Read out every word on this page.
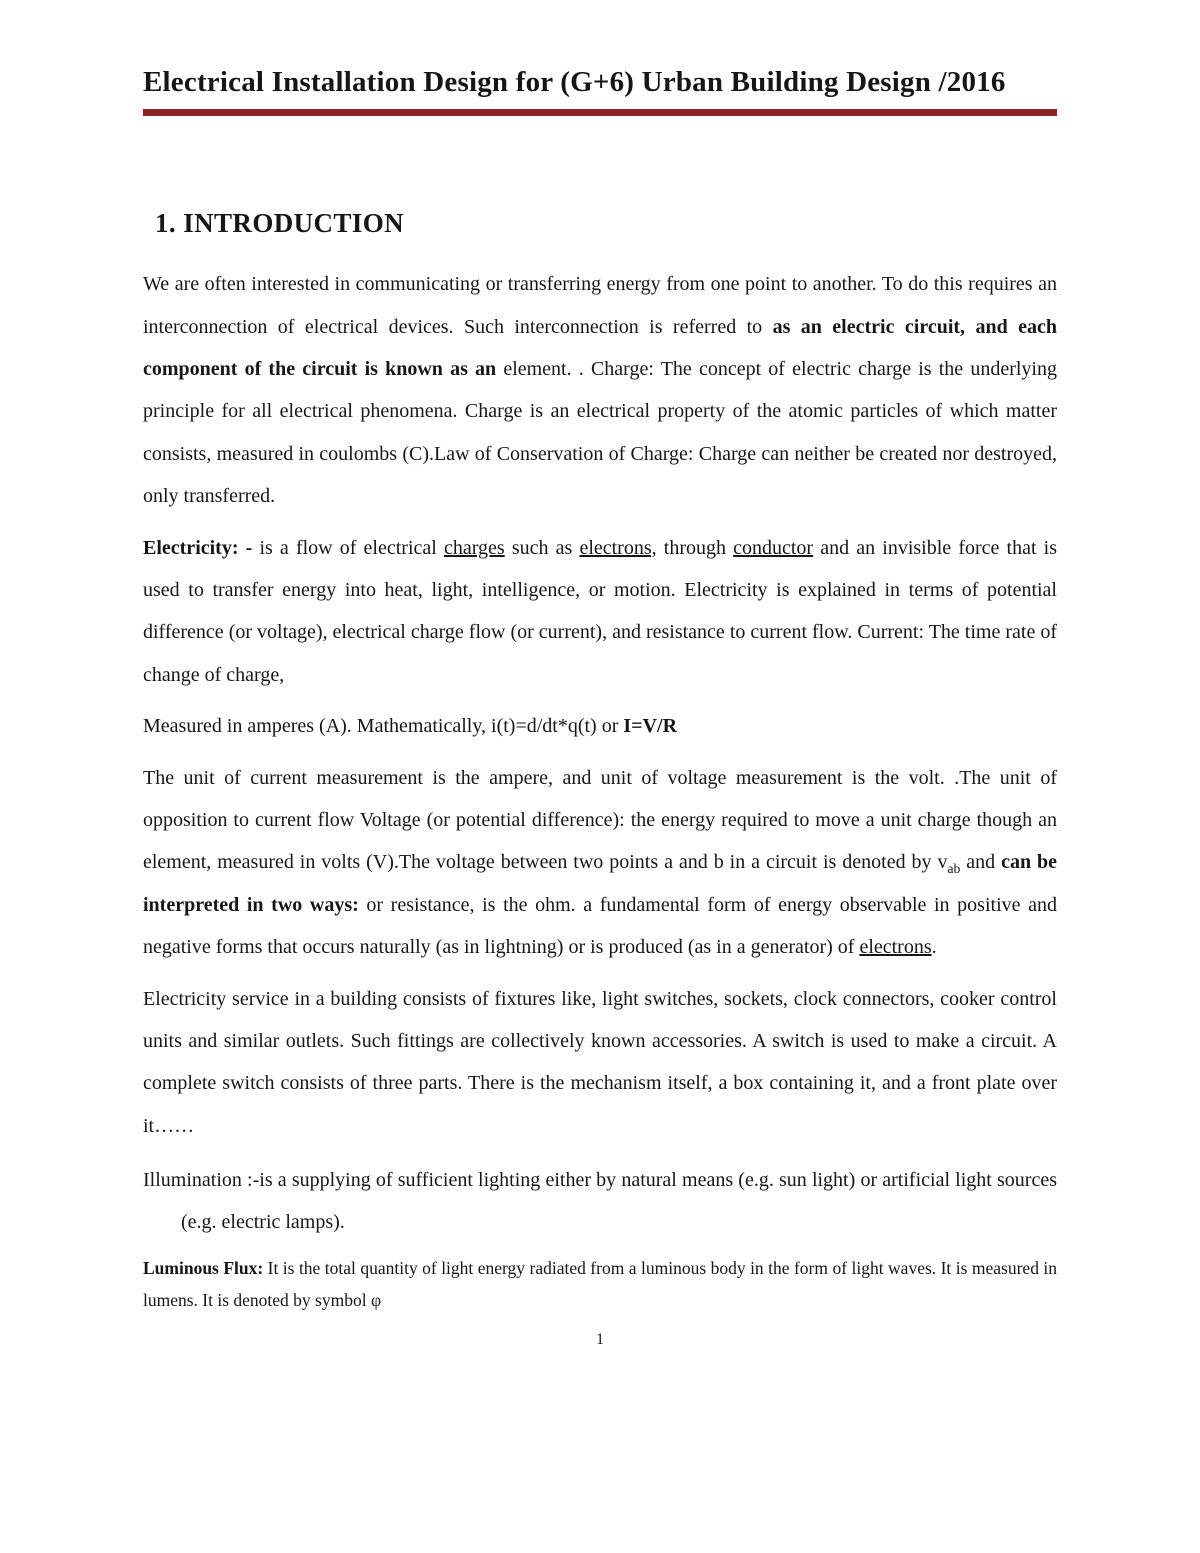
Electrical Installation Design for (G+6) Urban Building Design /2016
1. INTRODUCTION

We are often interested in communicating or transferring energy from one point to another. To do this requires an interconnection of electrical devices. Such interconnection is referred to as an electric circuit, and each component of the circuit is known as an element. . Charge: The concept of electric charge is the underlying principle for all electrical phenomena. Charge is an electrical property of the atomic particles of which matter consists, measured in coulombs (C).Law of Conservation of Charge: Charge can neither be created nor destroyed, only transferred.

Electricity: - is a flow of electrical charges such as electrons, through conductor and an invisible force that is used to transfer energy into heat, light, intelligence, or motion. Electricity is explained in terms of potential difference (or voltage), electrical charge flow (or current), and resistance to current flow. Current: The time rate of change of charge,

Measured in amperes (A). Mathematically, i(t)=d/dt*q(t) or I=V/R

The unit of current measurement is the ampere, and unit of voltage measurement is the volt. .The unit of opposition to current flow Voltage (or potential difference): the energy required to move a unit charge though an element, measured in volts (V).The voltage between two points a and b in a circuit is denoted by $v_{ab}$ and can be interpreted in two ways: or resistance, is the ohm. a fundamental form of energy observable in positive and negative forms that occurs naturally (as in lightning) or is produced (as in a generator) of electrons.

Electricity service in a building consists of fixtures like, light switches, sockets, clock connectors, cooker control units and similar outlets. Such fittings are collectively known accessories. A switch is used to make a circuit. A complete switch consists of three parts. There is the mechanism itself, a box containing it, and a front plate over it……

Illumination :-is a supplying of sufficient lighting either by natural means (e.g. sun light) or artificial light sources (e.g. electric lamps).

Luminous Flux: It is the total quantity of light energy radiated from a luminous body in the form of light waves. It is measured in lumens. It is denoted by symbol φ

1
